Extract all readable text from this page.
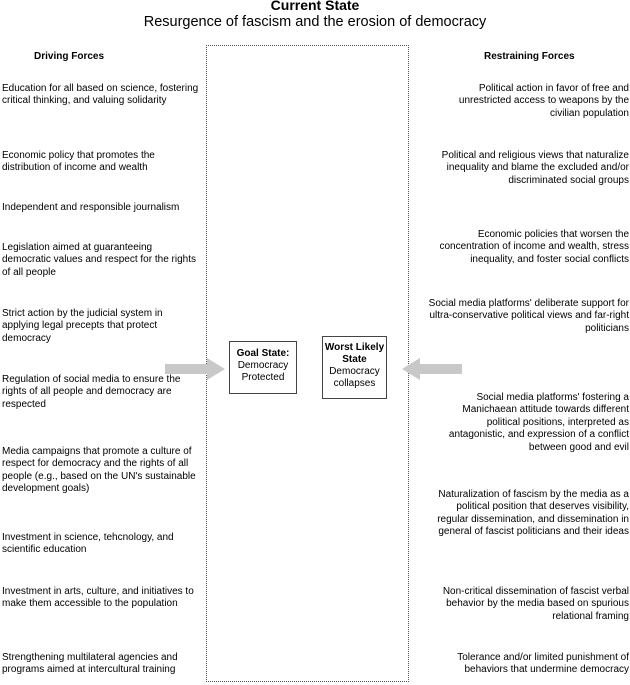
Current State
Resurgence of fascism and the erosion of democracy
Driving Forces	Restraining Forces

Education for all based on science, fostering critical thinking, and valuing solidarity

Economic policy that promotes the distribution of income and wealth

Independent and responsible journalism

Legislation aimed at guaranteeing democratic values and respect for the rights of all people

Strict action by the judicial system in applying legal precepts that protect democracy

Regulation of social media to ensure the rights of all people and democracy are respected

Media campaigns that promote a culture of respect for democracy and the rights of all people (e.g., based on the UN's sustainable development goals)

Investment in science, tehcnology, and scientific education

Investment in arts, culture, and initiatives to make them accessible to the population

Strengthening multilateral agencies and programs aimed at intercultural training

Political action in favor of free and unrestricted access to weapons by the civilian population

Political and religious views that naturalize inequality and blame the excluded and/or discriminated social groups

Economic policies that worsen the concentration of income and wealth, stress inequality, and foster social conflicts

Social media platforms' deliberate support for ultra-conservative political views and far-right politicians

Social media platforms' fostering a Manichaean attitude towards different political positions, interpreted as antagonistic, and expression of a conflict between good and evil

Naturalization of fascism by the media as a political position that deserves visibility, regular dissemination, and dissemination in general of fascist politicians and their ideas

Non-critical dissemination of fascist verbal behavior by the media based on spurious relational framing

Tolerance and/or limited punishment of behaviors that undermine democracy

Goal State:
Democracy Protected
Worst Likely State
Democracy collapses
